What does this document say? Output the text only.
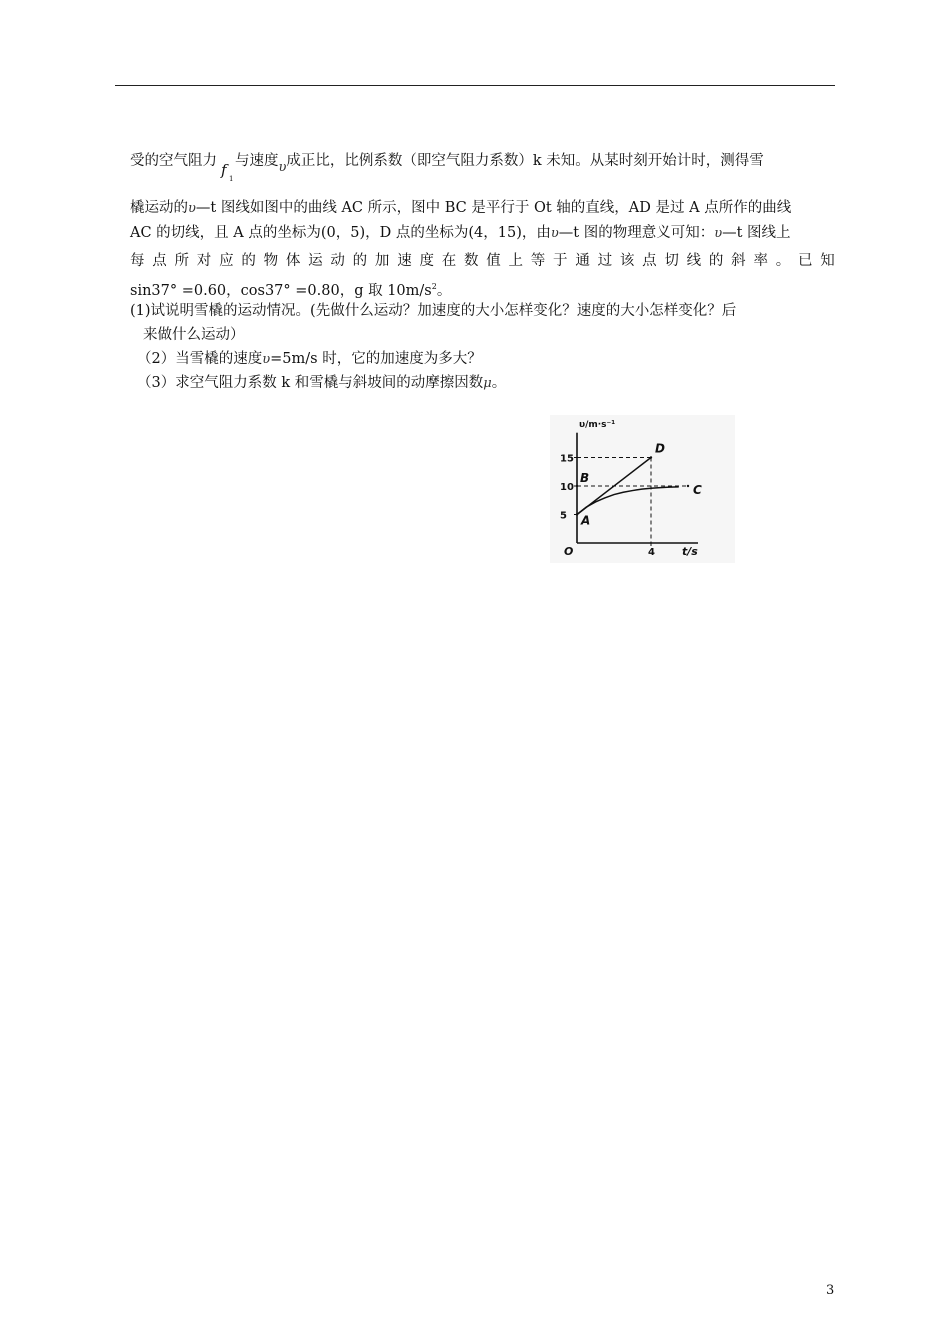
受的空气阻力 f 1
与速度υ成正比，比例系数（即空气阻力系数）k 未知。从某时刻开始计时，测得雪
橇运动的υ—t 图线如图中的曲线 AC 所示，图中 BC 是平行于 Ot 轴的直线，AD 是过 A 点所作的曲线
AC 的切线，且 A 点的坐标为(0，5)，D 点的坐标为(4，15)，由υ—t 图的物理意义可知：υ—t 图线上
每 点 所 对 应 的 物 体 运 动 的 加 速 度 在 数 值 上 等 于 通 过 该 点 切 线 的 斜 率 。 已 知
sin37° =0.60，cos37° =0.80，g 取 $10m/s^2$。
(1)试说明雪橇的运动情况。(先做什么运动？加速度的大小怎样变化？速度的大小怎样变化？后
来做什么运动）
（2）当雪橇的速度υ=5m/s 时，它的加速度为多大？
（3）求空气阻力系数 k 和雪橇与斜坡间的动摩擦因数μ。
υ/m·s⁻¹
t/s
O
5
10
15
4
A
B
C
D
3
